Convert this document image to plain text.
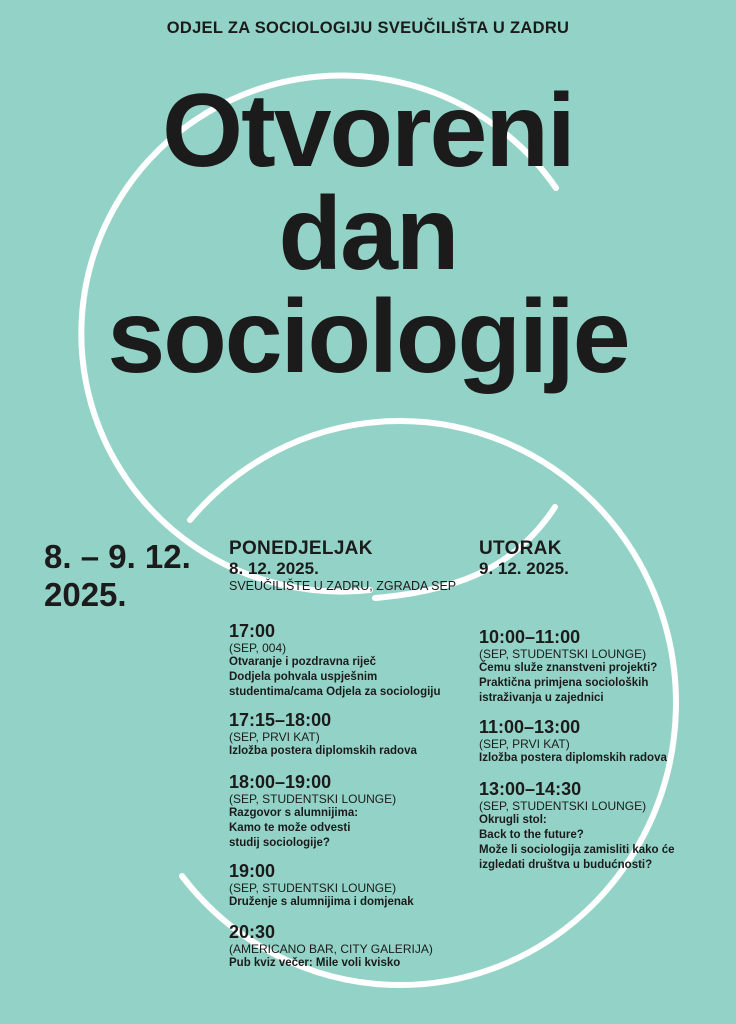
ODJEL ZA SOCIOLOGIJU SVEUČILIŠTA U ZADRU
Otvoreni
dan
sociologije
8. – 9. 12.
2025.
PONEDJELJAK
8. 12. 2025.
SVEUČILIŠTE U ZADRU, ZGRADA SEP
17:00
(SEP, 004)
Otvaranje i pozdravna riječ
Dodjela pohvala uspješnim
studentima/cama Odjela za sociologiju
17:15–18:00
(SEP, PRVI KAT)
Izložba postera diplomskih radova
18:00–19:00
(SEP, STUDENTSKI LOUNGE)
Razgovor s alumnijima:
Kamo te može odvesti
studij sociologije?
19:00
(SEP, STUDENTSKI LOUNGE)
Druženje s alumnijima i domjenak
20:30
(AMERICANO BAR, CITY GALERIJA)
Pub kviz večer: Mile voli kvisko
UTORAK
9. 12. 2025.
10:00–11:00
(SEP, STUDENTSKI LOUNGE)
Čemu služe znanstveni projekti?
Praktična primjena socioloških
istraživanja u zajednici
11:00–13:00
(SEP, PRVI KAT)
Izložba postera diplomskih radova
13:00–14:30
(SEP, STUDENTSKI LOUNGE)
Okrugli stol:
Back to the future?
Može li sociologija zamisliti kako će
izgledati društva u budućnosti?
